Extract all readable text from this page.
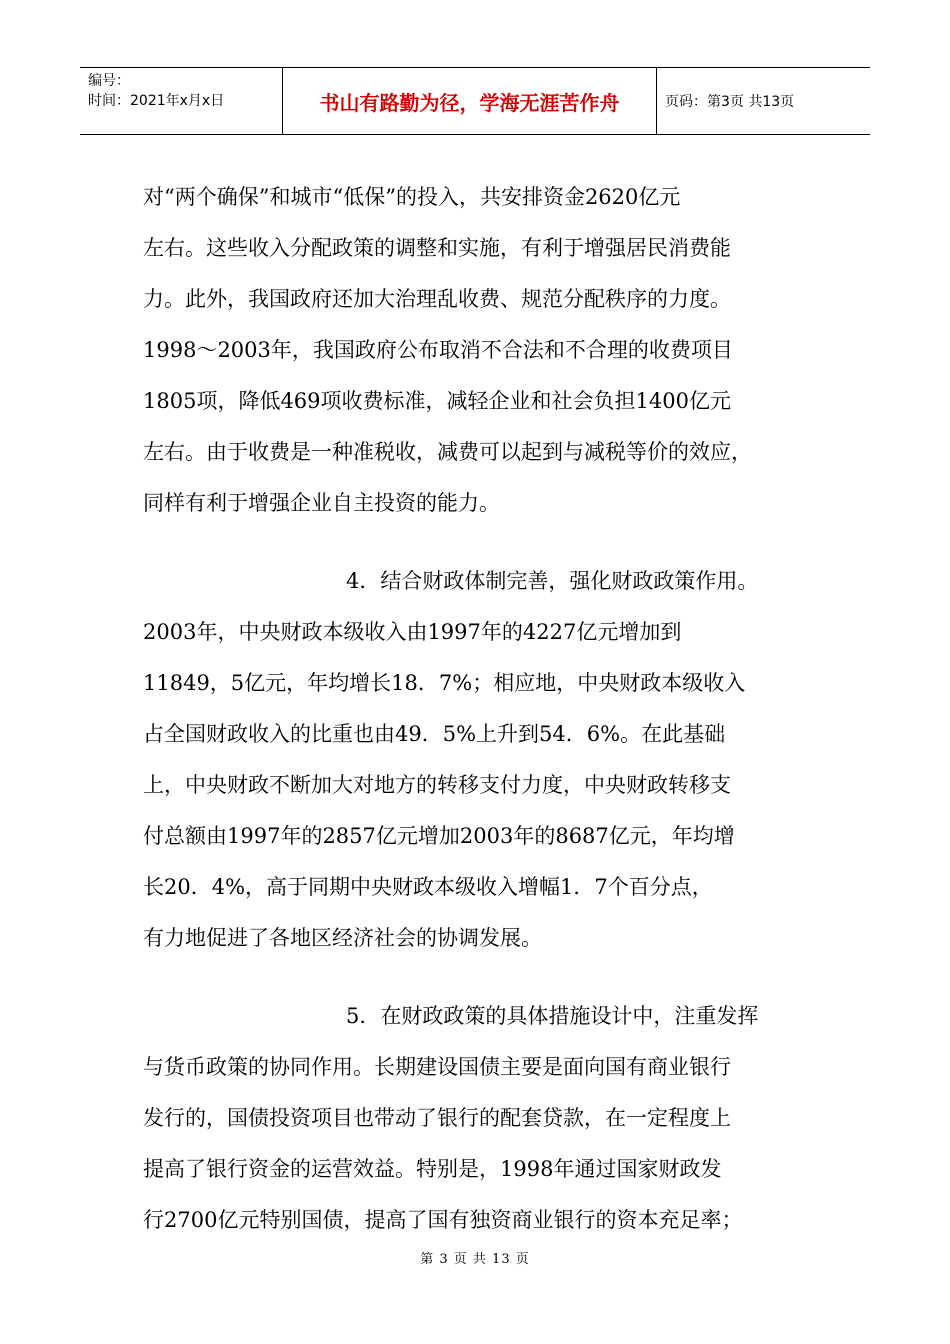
编号：
时间：2021年x月x日	书山有路勤为径，学海无涯苦作舟	页码：第3页 共13页
对“两个确保”和城市“低保”的投入，共安排资金2620亿元
左右。这些收入分配政策的调整和实施，有利于增强居民消费能
力。此外，我国政府还加大治理乱收费、规范分配秩序的力度。
1998～2003年，我国政府公布取消不合法和不合理的收费项目
1805项，降低469项收费标准，减轻企业和社会负担1400亿元
左右。由于收费是一种准税收，减费可以起到与减税等价的效应，
同样有利于增强企业自主投资的能力。
4．结合财政体制完善，强化财政政策作用。
2003年，中央财政本级收入由1997年的4227亿元增加到
11849，5亿元，年均增长18．7%；相应地，中央财政本级收入
占全国财政收入的比重也由49．5%上升到54．6%。在此基础
上，中央财政不断加大对地方的转移支付力度，中央财政转移支
付总额由1997年的2857亿元增加2003年的8687亿元，年均增
长20．4%，高于同期中央财政本级收入增幅1．7个百分点，
有力地促进了各地区经济社会的协调发展。
5．在财政政策的具体措施设计中，注重发挥
与货币政策的协同作用。长期建设国债主要是面向国有商业银行
发行的，国债投资项目也带动了银行的配套贷款，在一定程度上
提高了银行资金的运营效益。特别是，1998年通过国家财政发
行2700亿元特别国债，提高了国有独资商业银行的资本充足率；
第 3 页 共 13 页
